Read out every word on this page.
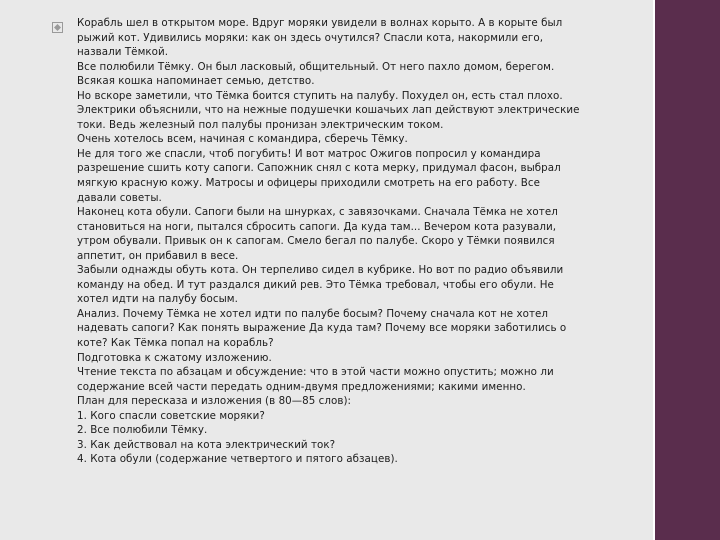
Корабль шел в открытом море. Вдруг моряки увидели в волнах корыто. А в корыте был
рыжий кот. Удивились моряки: как он здесь очутился? Спасли кота, накормили его,
назвали Тёмкой.
Все полюбили Тёмку. Он был ласковый, общительный. От него пахло домом, берегом.
Всякая кошка напоминает семью, детство.
Но вскоре заметили, что Тёмка боится ступить на палубу. Похудел он, есть стал плохо.
Электрики объяснили, что на нежные подушечки кошачьих лап действуют электрические
токи. Ведь железный пол палубы пронизан электрическим током.
Очень хотелось всем, начиная с командира, сберечь Тёмку.
Не для того же спасли, чтоб погубить! И вот матрос Ожигов попросил у командира
разрешение сшить коту сапоги. Сапожник снял с кота мерку, придумал фасон, выбрал
мягкую красную кожу. Матросы и офицеры приходили смотреть на его работу. Все
давали советы.
Наконец кота обули. Сапоги были на шнурках, с завязочками. Сначала Тёмка не хотел
становиться на ноги, пытался сбросить сапоги. Да куда там... Вечером кота разували,
утром обували. Привык он к сапогам. Смело бегал по палубе. Скоро у Тёмки появился
аппетит, он прибавил в весе.
Забыли однажды обуть кота. Он терпеливо сидел в кубрике. Но вот по радио объявили
команду на обед. И тут раздался дикий рев. Это Тёмка требовал, чтобы его обули. Не
хотел идти на палубу босым.
Анализ. Почему Тёмка не хотел идти по палубе босым? Почему сначала кот не хотел
надевать сапоги? Как понять выражение Да куда там? Почему все моряки заботились о
коте? Как Тёмка попал на корабль?
Подготовка к сжатому изложению.
Чтение текста по абзацам и обсуждение: что в этой части можно опустить; можно ли
содержание всей части передать одним-двумя предложениями; какими именно.
План для пересказа и изложения (в 80—85 слов):
1. Кого спасли советские моряки?
2. Все полюбили Тёмку.
3. Как действовал на кота электрический ток?
4. Кота обули (содержание четвертого и пятого абзацев).
